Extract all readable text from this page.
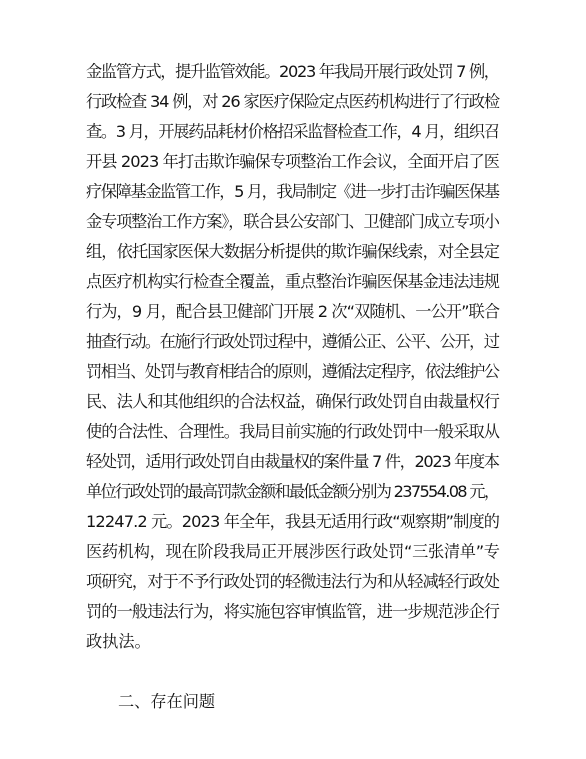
金监管方式，提升监管效能。2023 年我局开展行政处罚 7 例，
行政检查 34 例，对 26 家医疗保险定点医药机构进行了行政检
查。3 月，开展药品耗材价格招采监督检查工作，4 月，组织召
开县 2023 年打击欺诈骗保专项整治工作会议，全面开启了医
疗保障基金监管工作，5 月，我局制定《进一步打击诈骗医保基
金专项整治工作方案》，联合县公安部门、卫健部门成立专项小
组，依托国家医保大数据分析提供的欺诈骗保线索，对全县定
点医疗机构实行检查全覆盖，重点整治诈骗医保基金违法违规
行为，9 月，配合县卫健部门开展 2 次“双随机、一公开”联合
抽查行动。在施行行政处罚过程中，遵循公正、公平、公开，过
罚相当、处罚与教育相结合的原则，遵循法定程序，依法维护公
民、法人和其他组织的合法权益，确保行政处罚自由裁量权行
使的合法性、合理性。我局目前实施的行政处罚中一般采取从
轻处罚，适用行政处罚自由裁量权的案件量 7 件，2023 年度本
单位行政处罚的最高罚款金额和最低金额分别为 237554.08 元，
12247.2 元。2023 年全年，我县无适用行政“观察期”制度的
医药机构，现在阶段我局正开展涉医行政处罚“三张清单”专
项研究，对于不予行政处罚的轻微违法行为和从轻减轻行政处
罚的一般违法行为，将实施包容审慎监管，进一步规范涉企行
政执法。
二、存在问题
